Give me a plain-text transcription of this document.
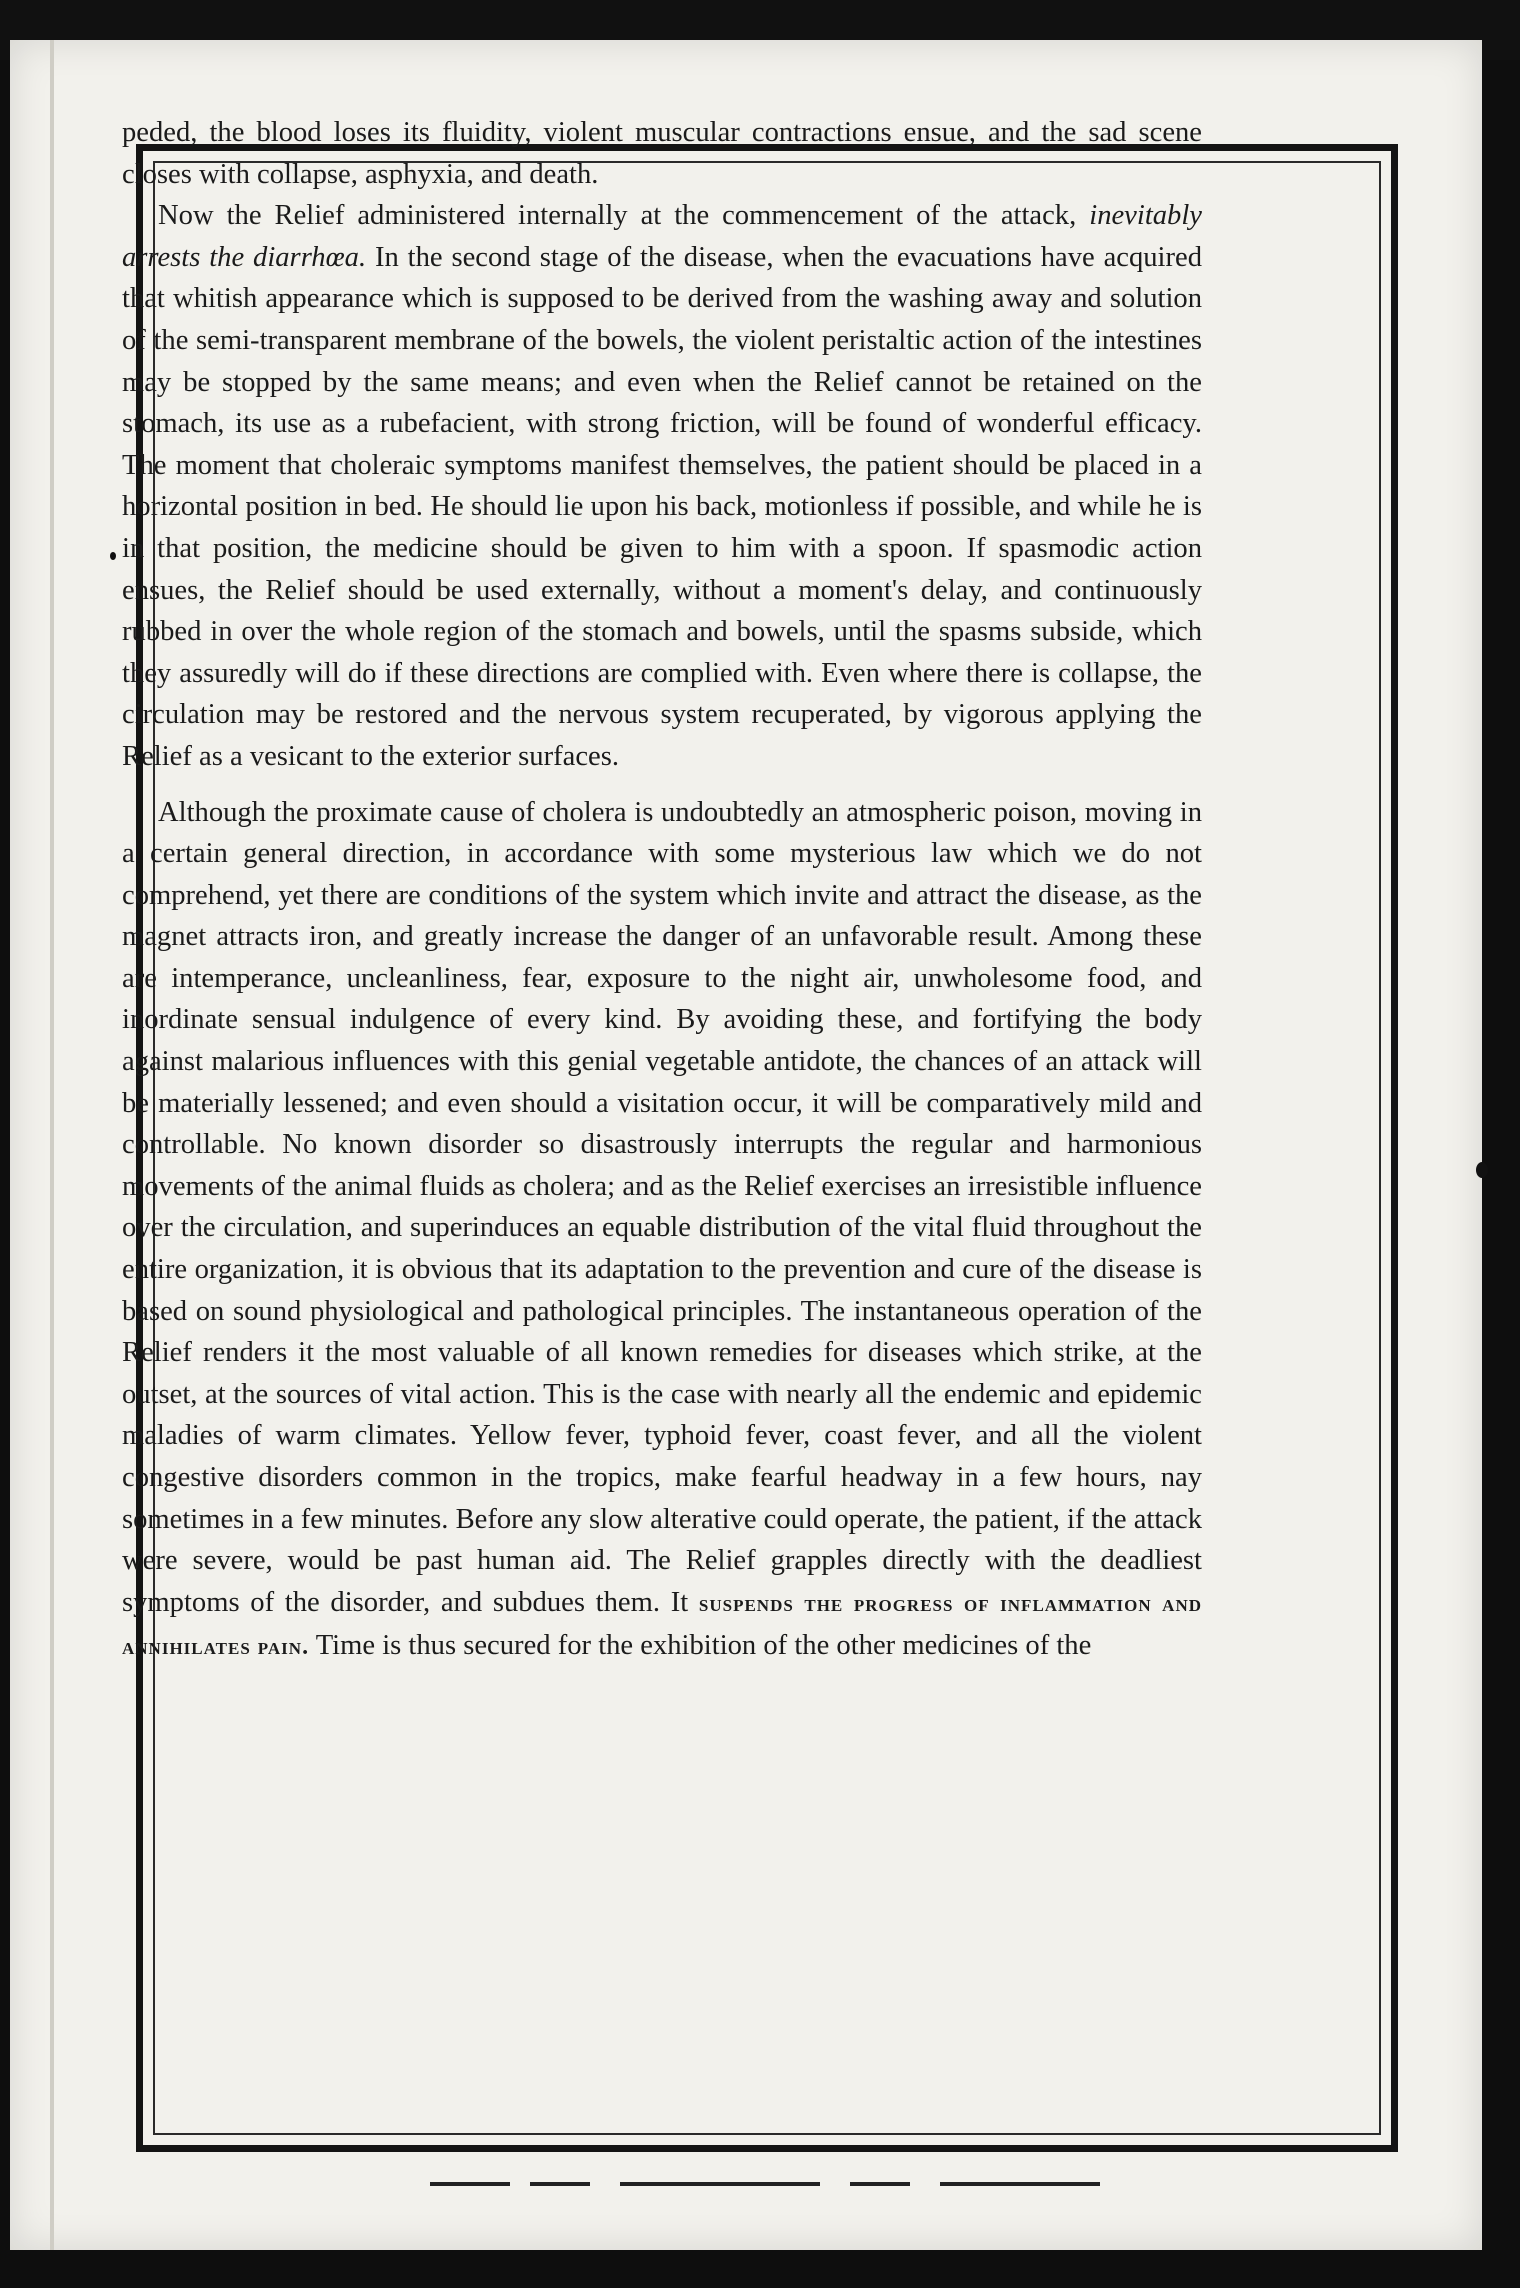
peded, the blood loses its fluidity, violent muscular contractions ensue, and the sad scene closes with collapse, asphyxia, and death.

Now the Relief administered internally at the commencement of the attack, inevitably arrests the diarrhœa. In the second stage of the disease, when the evacuations have acquired that whitish appearance which is supposed to be derived from the washing away and solution of the semi-transparent membrane of the bowels, the violent peristaltic action of the intestines may be stopped by the same means; and even when the Relief cannot be retained on the stomach, its use as a rubefacient, with strong friction, will be found of wonderful efficacy. The moment that choleraic symptoms manifest themselves, the patient should be placed in a horizontal position in bed. He should lie upon his back, motionless if possible, and while he is in that position, the medicine should be given to him with a spoon. If spasmodic action ensues, the Relief should be used externally, without a moment's delay, and continuously rubbed in over the whole region of the stomach and bowels, until the spasms subside, which they assuredly will do if these directions are complied with. Even where there is collapse, the circulation may be restored and the nervous system recuperated, by vigorous applying the Relief as a vesicant to the exterior surfaces.

Although the proximate cause of cholera is undoubtedly an atmospheric poison, moving in a certain general direction, in accordance with some mysterious law which we do not comprehend, yet there are conditions of the system which invite and attract the disease, as the magnet attracts iron, and greatly increase the danger of an unfavorable result. Among these are intemperance, uncleanliness, fear, exposure to the night air, unwholesome food, and inordinate sensual indulgence of every kind. By avoiding these, and fortifying the body against malarious influences with this genial vegetable antidote, the chances of an attack will be materially lessened; and even should a visitation occur, it will be comparatively mild and controllable. No known disorder so disastrously interrupts the regular and harmonious movements of the animal fluids as cholera; and as the Relief exercises an irresistible influence over the circulation, and superinduces an equable distribution of the vital fluid throughout the entire organization, it is obvious that its adaptation to the prevention and cure of the disease is based on sound physiological and pathological principles. The instantaneous operation of the Relief renders it the most valuable of all known remedies for diseases which strike, at the outset, at the sources of vital action. This is the case with nearly all the endemic and epidemic maladies of warm climates. Yellow fever, typhoid fever, coast fever, and all the violent congestive disorders common in the tropics, make fearful headway in a few hours, nay sometimes in a few minutes. Before any slow alterative could operate, the patient, if the attack were severe, would be past human aid. The Relief grapples directly with the deadliest symptoms of the disorder, and subdues them. It suspends the progress of inflammation and annihilates pain. Time is thus secured for the exhibition of the other medicines of the
